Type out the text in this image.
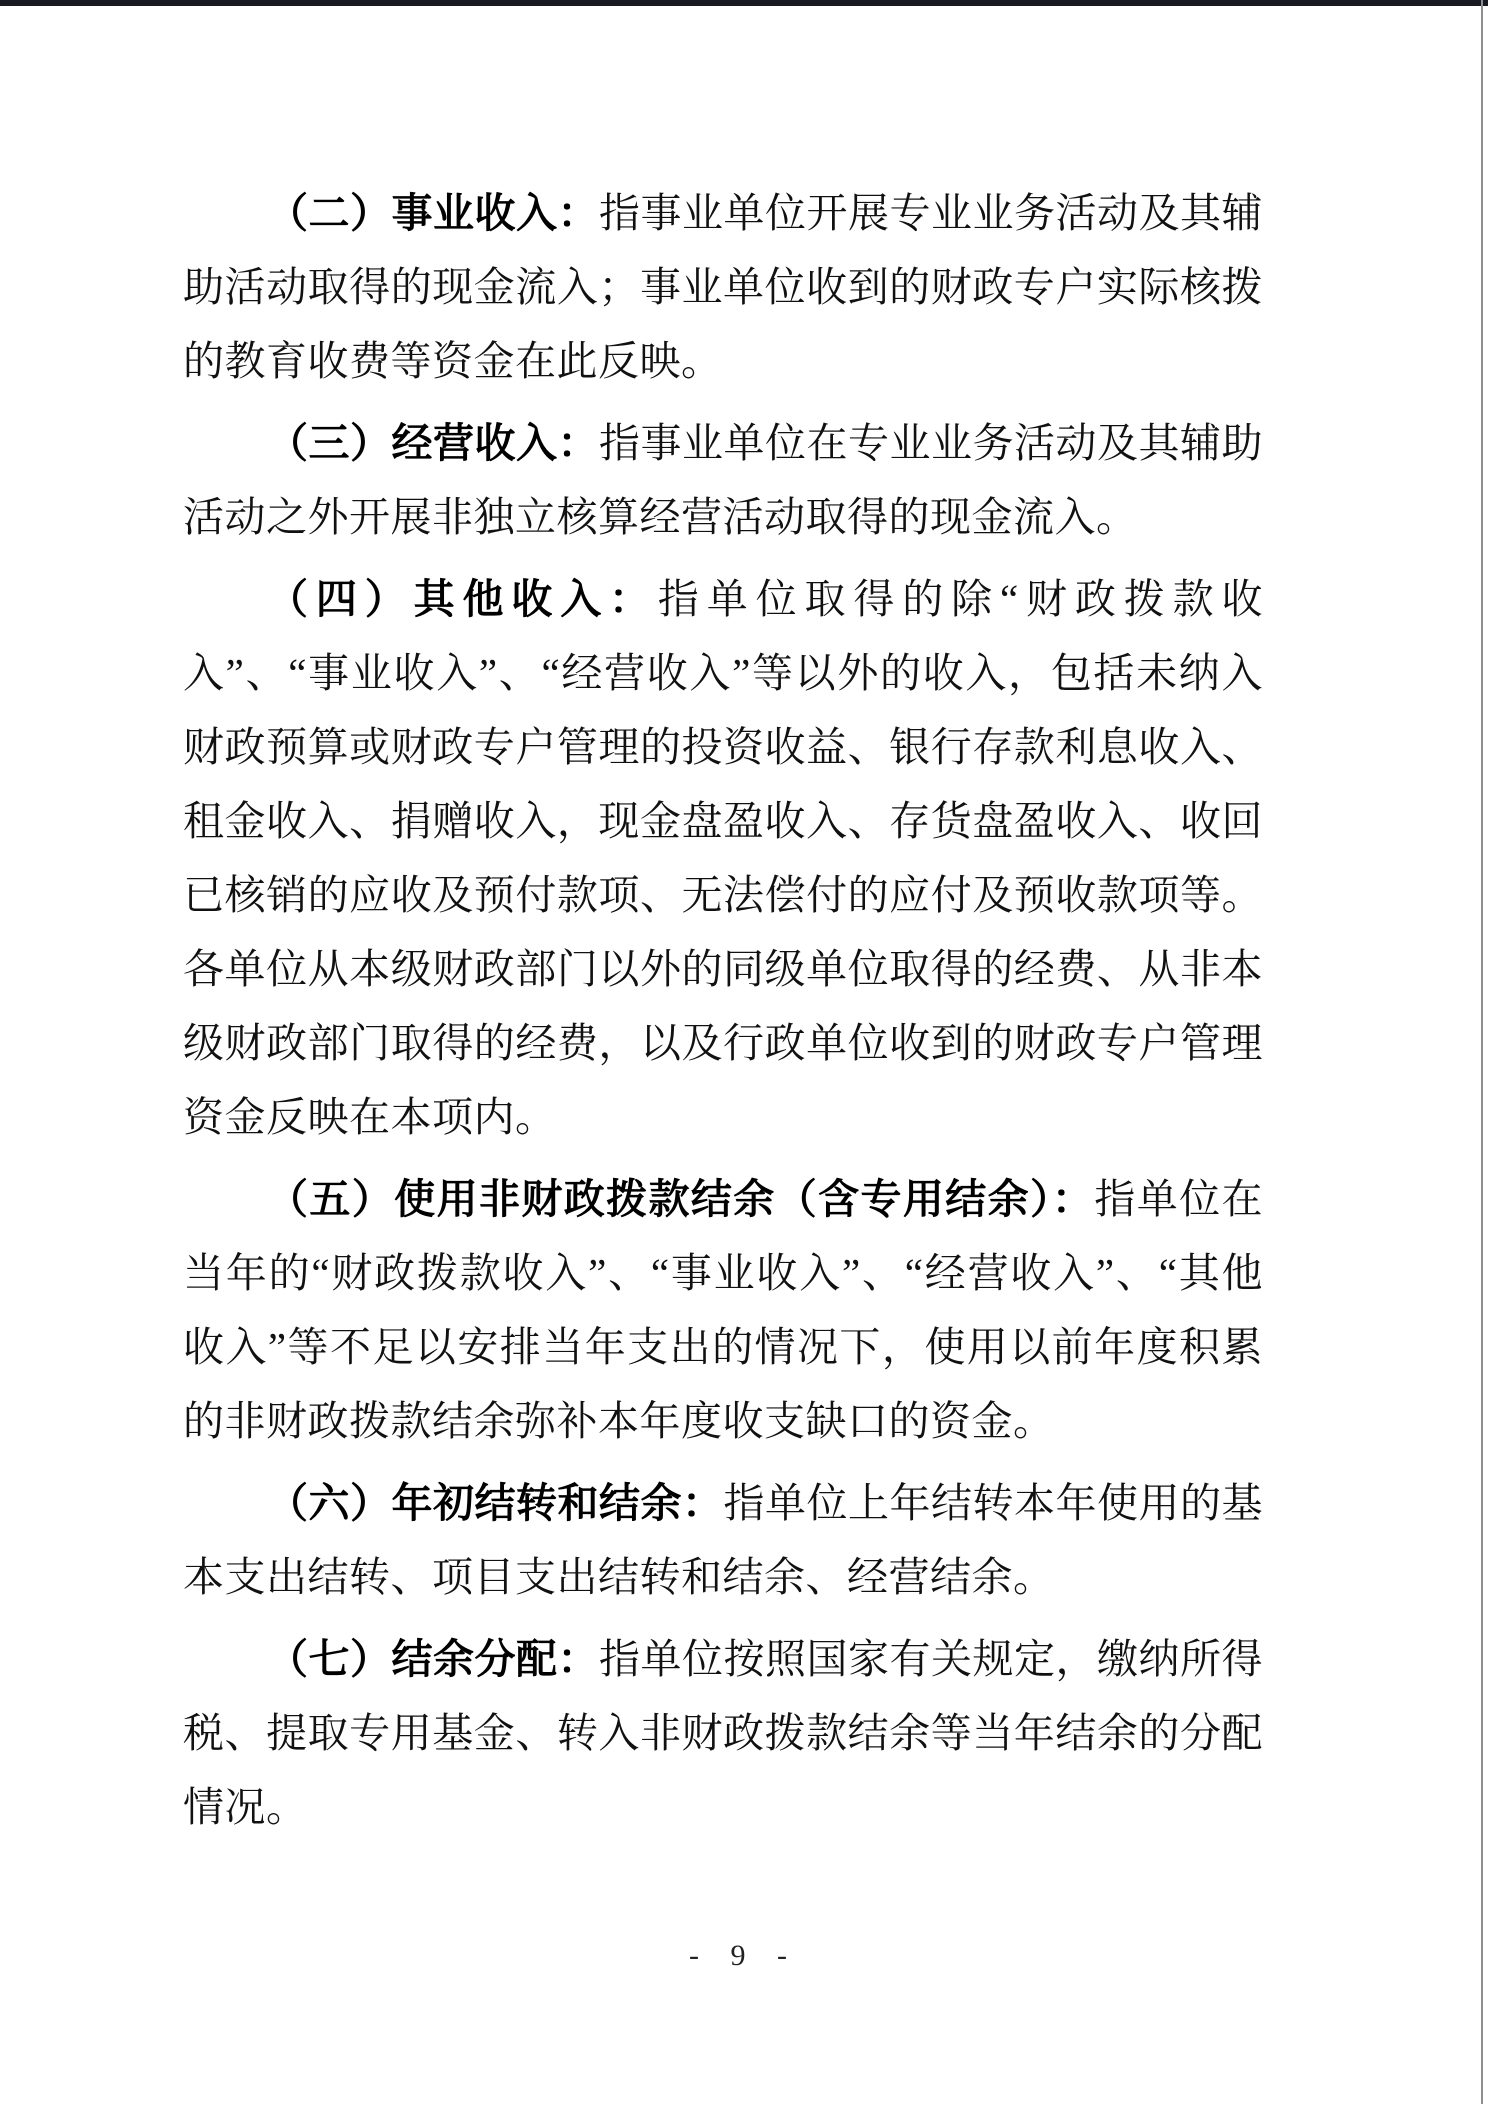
（二）事业收入：指事业单位开展专业业务活动及其辅助活动取得的现金流入；事业单位收到的财政专户实际核拨的教育收费等资金在此反映。

（三）经营收入：指事业单位在专业业务活动及其辅助活动之外开展非独立核算经营活动取得的现金流入。

（四）其他收入：指单位取得的除“财政拨款收入”、“事业收入”、“经营收入”等以外的收入，包括未纳入财政预算或财政专户管理的投资收益、银行存款利息收入、租金收入、捐赠收入，现金盘盈收入、存货盘盈收入、收回已核销的应收及预付款项、无法偿付的应付及预收款项等。各单位从本级财政部门以外的同级单位取得的经费、从非本级财政部门取得的经费，以及行政单位收到的财政专户管理资金反映在本项内。

（五）使用非财政拨款结余（含专用结余）：指单位在当年的“财政拨款收入”、“事业收入”、“经营收入”、“其他收入”等不足以安排当年支出的情况下，使用以前年度积累的非财政拨款结余弥补本年度收支缺口的资金。

（六）年初结转和结余：指单位上年结转本年使用的基本支出结转、项目支出结转和结余、经营结余。

（七）结余分配：指单位按照国家有关规定，缴纳所得税、提取专用基金、转入非财政拨款结余等当年结余的分配情况。

- 9 -
